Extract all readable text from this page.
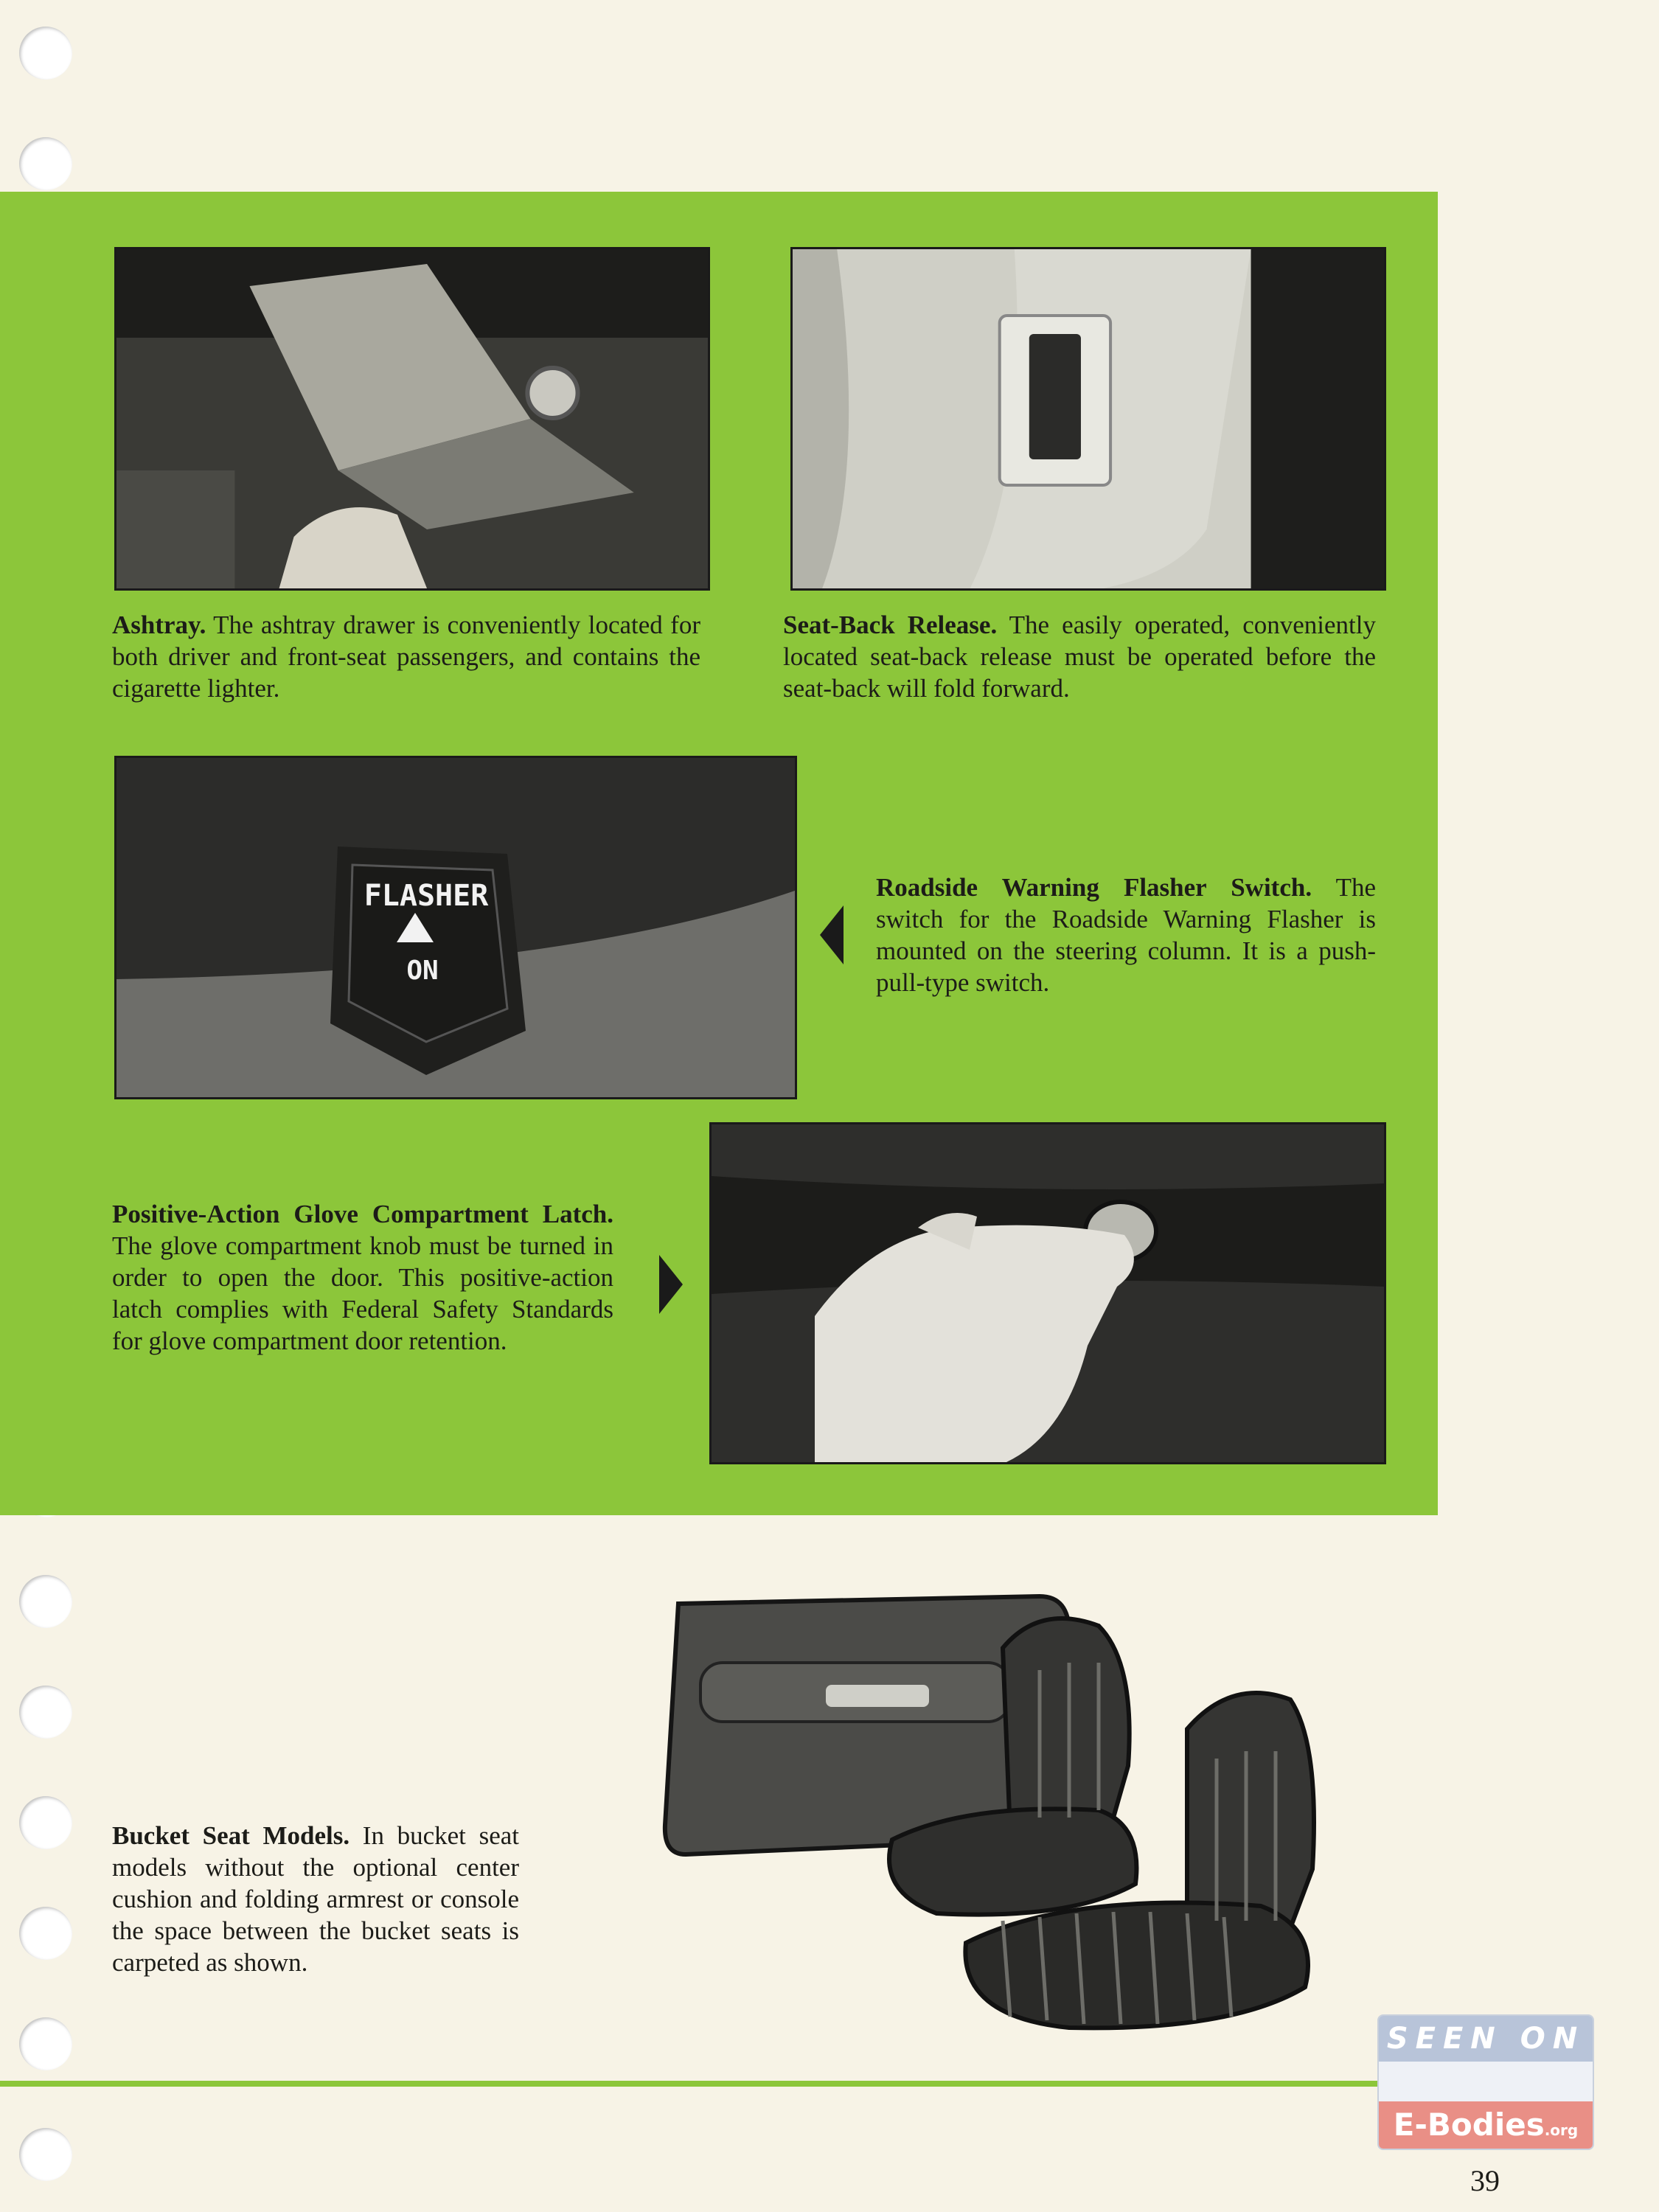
Ashtray. The ashtray drawer is conveniently located for both driver and front-seat passengers, and contains the cigarette lighter.
Seat-Back Release. The easily operated, conveniently located seat-back release must be operated before the seat-back will fold forward.
FLASHER
ON
Roadside Warning Flasher Switch. The switch for the Roadside Warning Flasher is mounted on the steering column. It is a push-pull-type switch.
Positive-Action Glove Compartment Latch. The glove compartment knob must be turned in order to open the door. This positive-action latch complies with Federal Safety Standards for glove compartment door retention.
Bucket Seat Models. In bucket seat models without the optional center cushion and folding armrest or console the space between the bucket seats is carpeted as shown.
SEEN ON
E-Bodies.org
39
